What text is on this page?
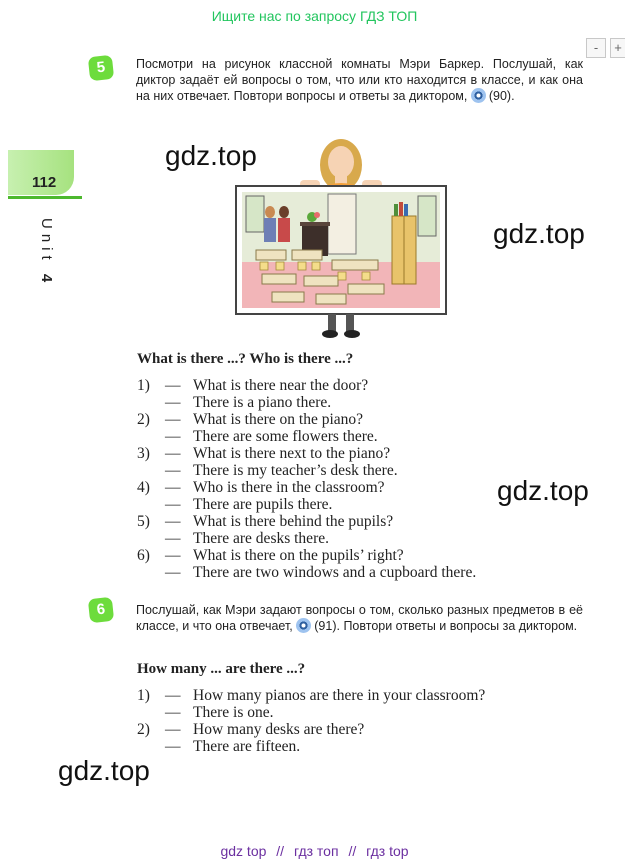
Ищите нас по запросу ГДЗ ТОП
-	+
112
Unit 4
5	Посмотри на рисунок классной комнаты Мэри Баркер. Послушай, как диктор задаёт ей вопросы о том, что или кто находится в классе, и как она на них отвечает. Повтори вопросы и ответы за диктором, (90).
gdz.top
gdz.top
gdz.top
gdz.top
What is there ...? Who is there ...?
1) — What is there near the door?
— There is a piano there.
2) — What is there on the piano?
— There are some flowers there.
3) — What is there next to the piano?
— There is my teacher’s desk there.
4) — Who is there in the classroom?
— There are pupils there.
5) — What is there behind the pupils?
— There are desks there.
6) — What is there on the pupils’ right?
— There are two windows and a cupboard there.
6	Послушай, как Мэри задают вопросы о том, сколько разных предметов в её классе, и что она отвечает, (91). Повтори ответы и вопросы за диктором.
How many ... are there ...?
1) — How many pianos are there in your classroom?
— There is one.
2) — How many desks are there?
— There are fifteen.
gdz top // гдз топ // гдз top
